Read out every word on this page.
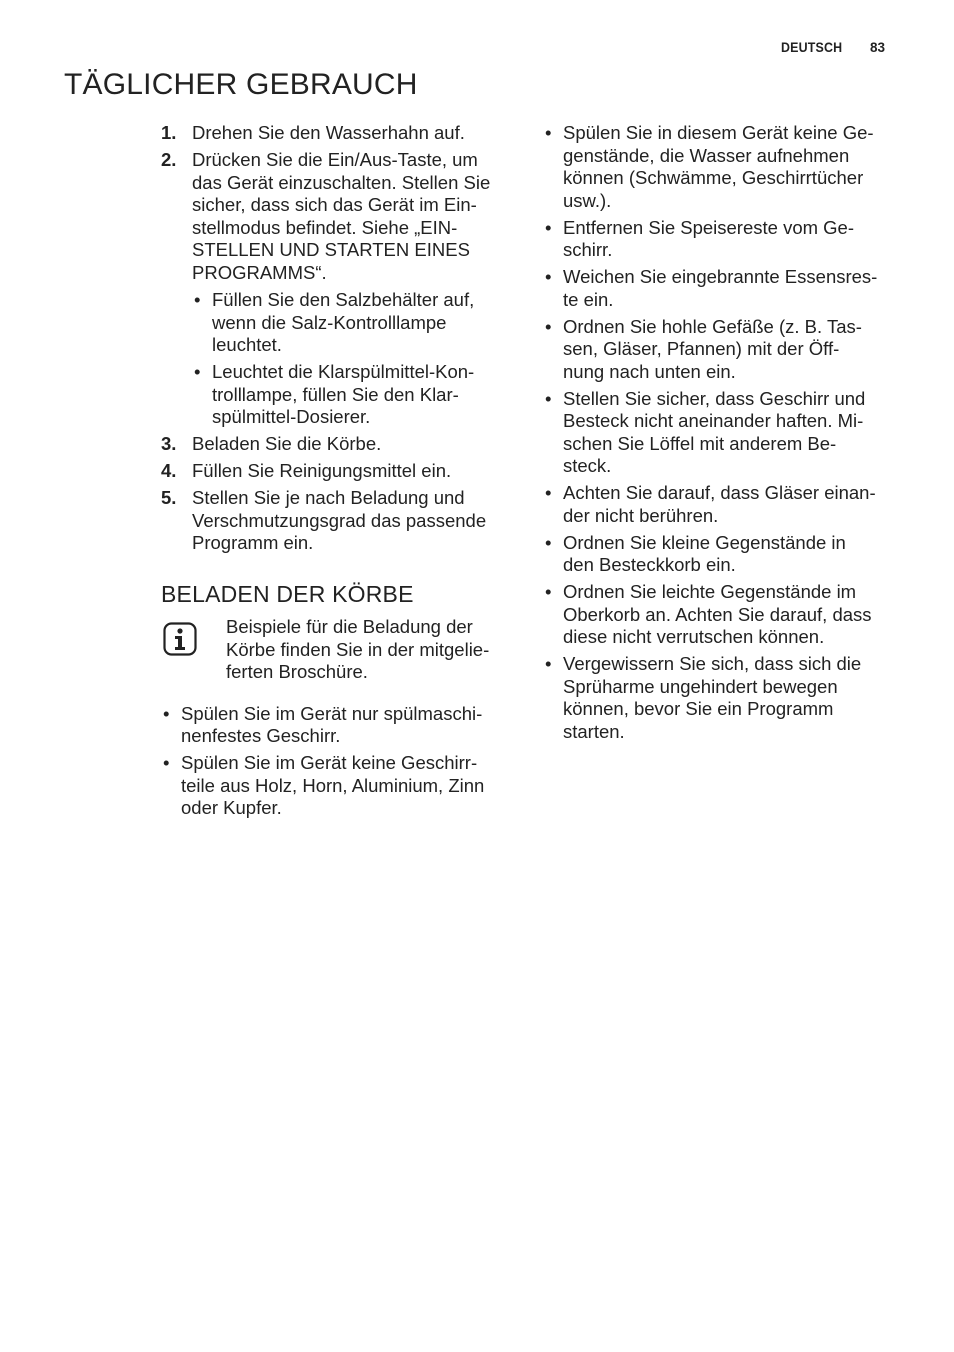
DEUTSCH 83
TÄGLICHER GEBRAUCH
1. Drehen Sie den Wasserhahn auf.
2. Drücken Sie die Ein/Aus-Taste, um
das Gerät einzuschalten. Stellen Sie
sicher, dass sich das Gerät im Ein-
stellmodus befindet. Siehe „EIN-
STELLEN UND STARTEN EINES
PROGRAMMS“.
• Füllen Sie den Salzbehälter auf,
wenn die Salz-Kontrolllampe
leuchtet.
• Leuchtet die Klarspülmittel-Kon-
trolllampe, füllen Sie den Klar-
spülmittel-Dosierer.
3. Beladen Sie die Körbe.
4. Füllen Sie Reinigungsmittel ein.
5. Stellen Sie je nach Beladung und
Verschmutzungsgrad das passende
Programm ein.
BELADEN DER KÖRBE
Beispiele für die Beladung der
Körbe finden Sie in der mitgelie-
ferten Broschüre.
• Spülen Sie im Gerät nur spülmaschi-
nenfestes Geschirr.
• Spülen Sie im Gerät keine Geschirr-
teile aus Holz, Horn, Aluminium, Zinn
oder Kupfer.
• Spülen Sie in diesem Gerät keine Ge-
genstände, die Wasser aufnehmen
können (Schwämme, Geschirrtücher
usw.).
• Entfernen Sie Speisereste vom Ge-
schirr.
• Weichen Sie eingebrannte Essensres-
te ein.
• Ordnen Sie hohle Gefäße (z. B. Tas-
sen, Gläser, Pfannen) mit der Öff-
nung nach unten ein.
• Stellen Sie sicher, dass Geschirr und
Besteck nicht aneinander haften. Mi-
schen Sie Löffel mit anderem Be-
steck.
• Achten Sie darauf, dass Gläser einan-
der nicht berühren.
• Ordnen Sie kleine Gegenstände in
den Besteckkorb ein.
• Ordnen Sie leichte Gegenstände im
Oberkorb an. Achten Sie darauf, dass
diese nicht verrutschen können.
• Vergewissern Sie sich, dass sich die
Sprüharme ungehindert bewegen
können, bevor Sie ein Programm
starten.
